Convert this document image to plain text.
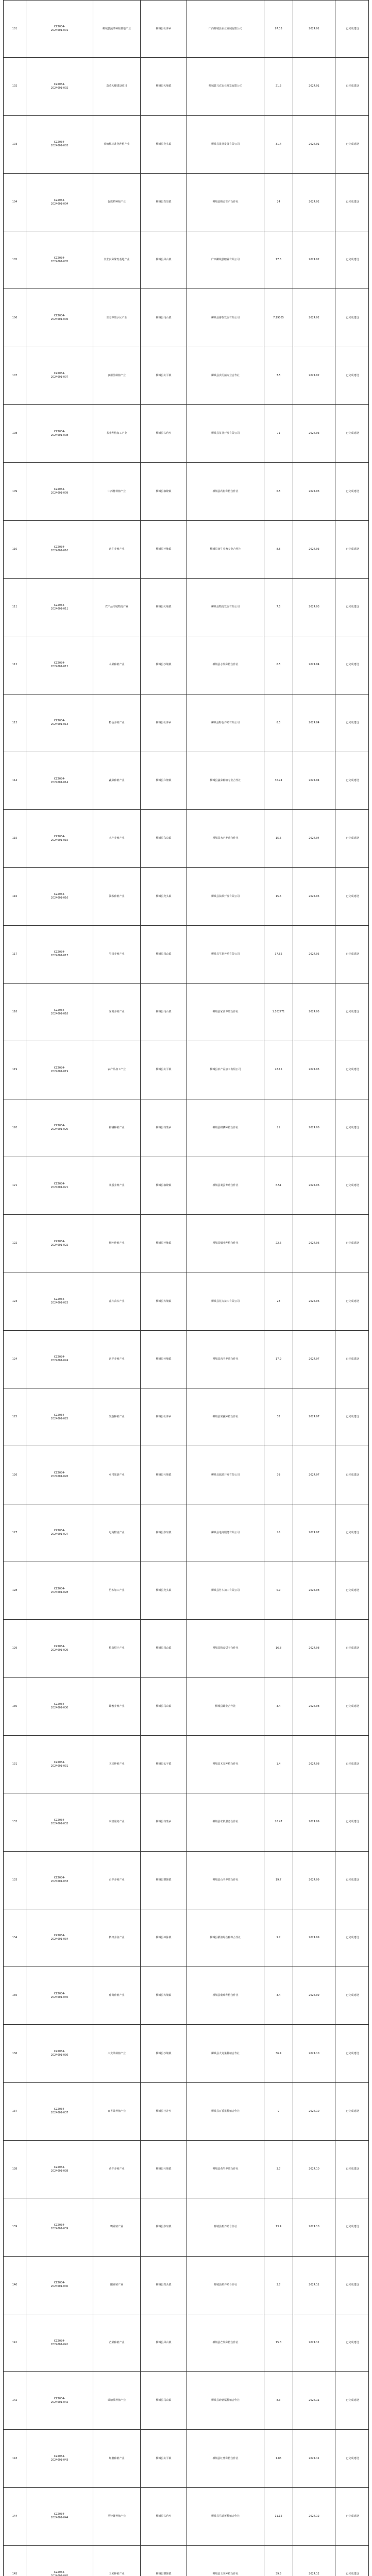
101
CZ2034-
2024001-001
柳城县蔬菜种植基地产业	柳城县社冲乡	广西柳城县农业发展有限公司	97.33	2024.01	已完成建设
102
CZ2034-
2024001-002
蔬菜大棚建设项目	柳城县大埔镇	柳城县兴农农业开发有限公司	21.5	2024.01	已完成建设
103
CZ2034-
2024001-003
沙糖橘标准化种植产业	柳城县龙头镇	柳城县果业发展有限公司	31.4	2024.01	已完成建设
104
CZ2034-
2024001-004
优质稻种植产业	柳城县东泉镇	柳城县粮食生产合作社	24	2024.02	已完成建设
105
CZ2034-
2024001-005
甘蔗良种繁育基地产业	柳城县凤山镇	广西柳城县糖业有限公司	17.5	2024.02	已完成建设
106
CZ2034-
2024001-006
生态养殖小区产业	柳城县马山镇	柳城县畜牧发展有限公司	7.19065	2024.02	已完成建设
107
CZ2034-
2024001-007
食用菌种植产业	柳城县太平镇	柳城县食用菌专业合作社	7.5	2024.02	已完成建设
108
CZ2034-
2024001-008
茶叶种植加工产业	柳城县古砦乡	柳城县茶业开发有限公司	71	2024.03	已完成建设
109
CZ2034-
2024001-009
中药材种植产业	柳城县寨隆镇	柳城县药材种植合作社	6.5	2024.03	已完成建设
110
CZ2034-
2024001-010
肉牛养殖产业	柳城县冲脉镇	柳城县肉牛养殖专业合作社	8.5	2024.03	已完成建设
111
CZ2034-
2024001-011
农产品冷链物流产业	柳城县大埔镇	柳城县物流发展有限公司	7.5	2024.03	已完成建设
112
CZ2034-
2024001-012
水果种植产业	柳城县沙埔镇	柳城县水果种植合作社	6.5	2024.04	已完成建设
113
CZ2034-
2024001-013
特色养殖产业	柳城县社冲乡	柳城县特色养殖有限公司	8.5	2024.04	已完成建设
114
CZ2034-
2024001-014
蔬菜种植产业	柳城县六塘镇	柳城县蔬菜种植专业合作社	36.24	2024.04	已完成建设
115
CZ2034-
2024001-015
水产养殖产业	柳城县东泉镇	柳城县水产养殖合作社	15.5	2024.04	已完成建设
116
CZ2034-
2024001-016
油茶种植产业	柳城县龙头镇	柳城县油茶开发有限公司	15.5	2024.05	已完成建设
117
CZ2034-
2024001-017
生猪养殖产业	柳城县凤山镇	柳城县生猪养殖有限公司	37.62	2024.05	已完成建设
118
CZ2034-
2024001-018
家禽养殖产业	柳城县马山镇	柳城县家禽养殖合作社	1.162771	2024.05	已完成建设
119
CZ2034-
2024001-019
农产品加工产业	柳城县太平镇	柳城县农产品加工有限公司	28.15	2024.05	已完成建设
120
CZ2034-
2024001-020
柑橘种植产业	柳城县古砦乡	柳城县柑橘种植合作社	21	2024.06	已完成建设
121
CZ2034-
2024001-021
桑蚕养殖产业	柳城县寨隆镇	柳城县桑蚕养殖合作社	6.51	2024.06	已完成建设
122
CZ2034-
2024001-022
烟叶种植产业	柳城县冲脉镇	柳城县烟叶种植合作社	22.6	2024.06	已完成建设
123
CZ2034-
2024001-023
花卉苗木产业	柳城县大埔镇	柳城县花卉苗木有限公司	28	2024.06	已完成建设
124
CZ2034-
2024001-024
肉羊养殖产业	柳城县沙埔镇	柳城县肉羊养殖合作社	17.9	2024.07	已完成建设
125
CZ2034-
2024001-025
果蔬种植产业	柳城县社冲乡	柳城县果蔬种植合作社	32	2024.07	已完成建设
126
CZ2034-
2024001-026
乡村旅游产业	柳城县六塘镇	柳城县旅游开发有限公司	39	2024.07	已完成建设
127
CZ2034-
2024001-027
电商物流产业	柳城县东泉镇	柳城县电商服务有限公司	26	2024.07	已完成建设
128
CZ2034-
2024001-028
竹木加工产业	柳城县龙头镇	柳城县竹木加工有限公司	0.9	2024.08	已完成建设
129
CZ2034-
2024001-029
粮食烘干产业	柳城县凤山镇	柳城县粮食烘干合作社	16.8	2024.08	已完成建设
130
CZ2034-
2024001-030
蜂蜜养殖产业	柳城县马山镇	柳城县蜂业合作社	3.4	2024.08	已完成建设
131
CZ2034-
2024001-031
木耳种植产业	柳城县太平镇	柳城县木耳种植合作社	1.4	2024.08	已完成建设
132
CZ2034-
2024001-032
农机服务产业	柳城县古砦乡	柳城县农机服务合作社	28.47	2024.09	已完成建设
133
CZ2034-
2024001-033
山羊养殖产业	柳城县寨隆镇	柳城县山羊养殖合作社	19.7	2024.09	已完成建设
134
CZ2034-
2024001-034
稻田养鱼产业	柳城县冲脉镇	柳城县稻渔综合种养合作社	9.7	2024.09	已完成建设
135
CZ2034-
2024001-035
葡萄种植产业	柳城县大埔镇	柳城县葡萄种植合作社	3.4	2024.09	已完成建设
136
CZ2034-
2024001-036
火龙果种植产业	柳城县沙埔镇	柳城县火龙果种植合作社	36.4	2024.10	已完成建设
137
CZ2034-
2024001-037
百香果种植产业	柳城县社冲乡	柳城县百香果种植合作社	9	2024.10	已完成建设
138
CZ2034-
2024001-038
黄牛养殖产业	柳城县六塘镇	柳城县黄牛养殖合作社	3.7	2024.10	已完成建设
139
CZ2034-
2024001-039
鸭养殖产业	柳城县东泉镇	柳城县鸭养殖合作社	13.4	2024.10	已完成建设
140
CZ2034-
2024001-040
鹅养殖产业	柳城县龙头镇	柳城县鹅养殖合作社	3.7	2024.11	已完成建设
141
CZ2034-
2024001-041
芒果种植产业	柳城县凤山镇	柳城县芒果种植合作社	15.8	2024.11	已完成建设
142
CZ2034-
2024001-042
砂糖橘种植产业	柳城县马山镇	柳城县砂糖橘种植合作社	8.3	2024.11	已完成建设
143
CZ2034-
2024001-043
红薯种植产业	柳城县太平镇	柳城县红薯种植合作社	1.85	2024.11	已完成建设
144
CZ2034-
2024001-044
马铃薯种植产业	柳城县古砦乡	柳城县马铃薯种植合作社	11.12	2024.12	已完成建设
145
CZ2034-
2024001-045
玉米种植产业	柳城县寨隆镇	柳城县玉米种植合作社	39.5	2024.12	已完成建设
